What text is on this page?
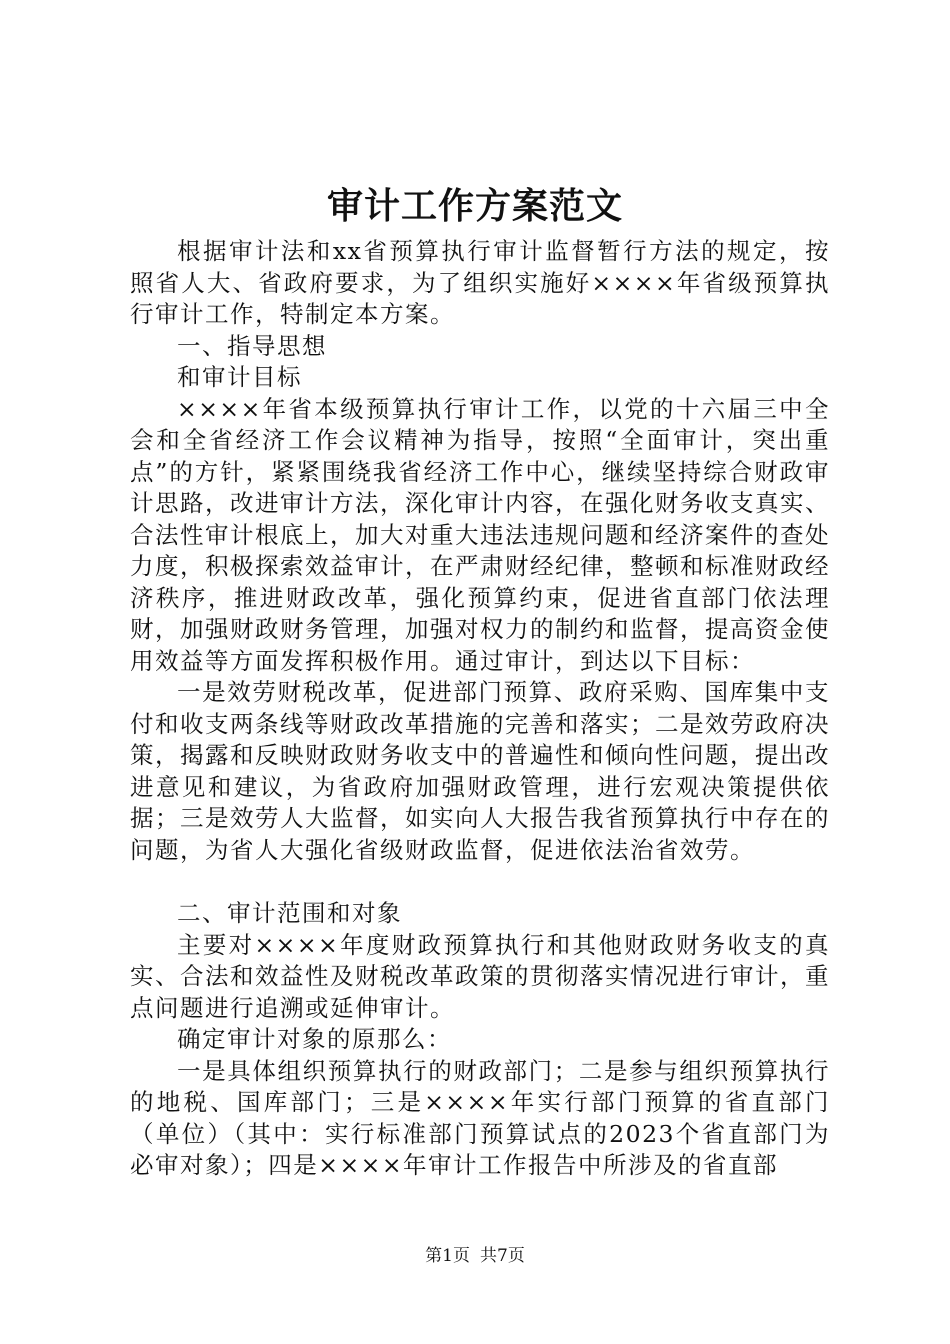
审计工作方案范文

根据审计法和xx省预算执行审计监督暂行方法的规定，按照省人大、省政府要求，为了组织实施好××××年省级预算执行审计工作，特制定本方案。

一、指导思想

和审计目标

××××年省本级预算执行审计工作，以党的十六届三中全会和全省经济工作会议精神为指导，按照“全面审计，突出重点”的方针，紧紧围绕我省经济工作中心，继续坚持综合财政审计思路，改进审计方法，深化审计内容，在强化财务收支真实、合法性审计根底上，加大对重大违法违规问题和经济案件的查处力度，积极探索效益审计，在严肃财经纪律，整顿和标准财政经济秩序，推进财政改革，强化预算约束，促进省直部门依法理财，加强财政财务管理，加强对权力的制约和监督，提高资金使用效益等方面发挥积极作用。通过审计，到达以下目标：

一是效劳财税改革，促进部门预算、政府采购、国库集中支付和收支两条线等财政改革措施的完善和落实；二是效劳政府决策，揭露和反映财政财务收支中的普遍性和倾向性问题，提出改进意见和建议，为省政府加强财政管理，进行宏观决策提供依据；三是效劳人大监督，如实向人大报告我省预算执行中存在的问题，为省人大强化省级财政监督，促进依法治省效劳。

二、审计范围和对象

主要对××××年度财政预算执行和其他财政财务收支的真实、合法和效益性及财税改革政策的贯彻落实情况进行审计，重点问题进行追溯或延伸审计。

确定审计对象的原那么：

一是具体组织预算执行的财政部门；二是参与组织预算执行的地税、国库部门；三是××××年实行部门预算的省直部门（单位）（其中：实行标准部门预算试点的2023个省直部门为必审对象）；四是××××年审计工作报告中所涉及的省直部

第1页 共7页
